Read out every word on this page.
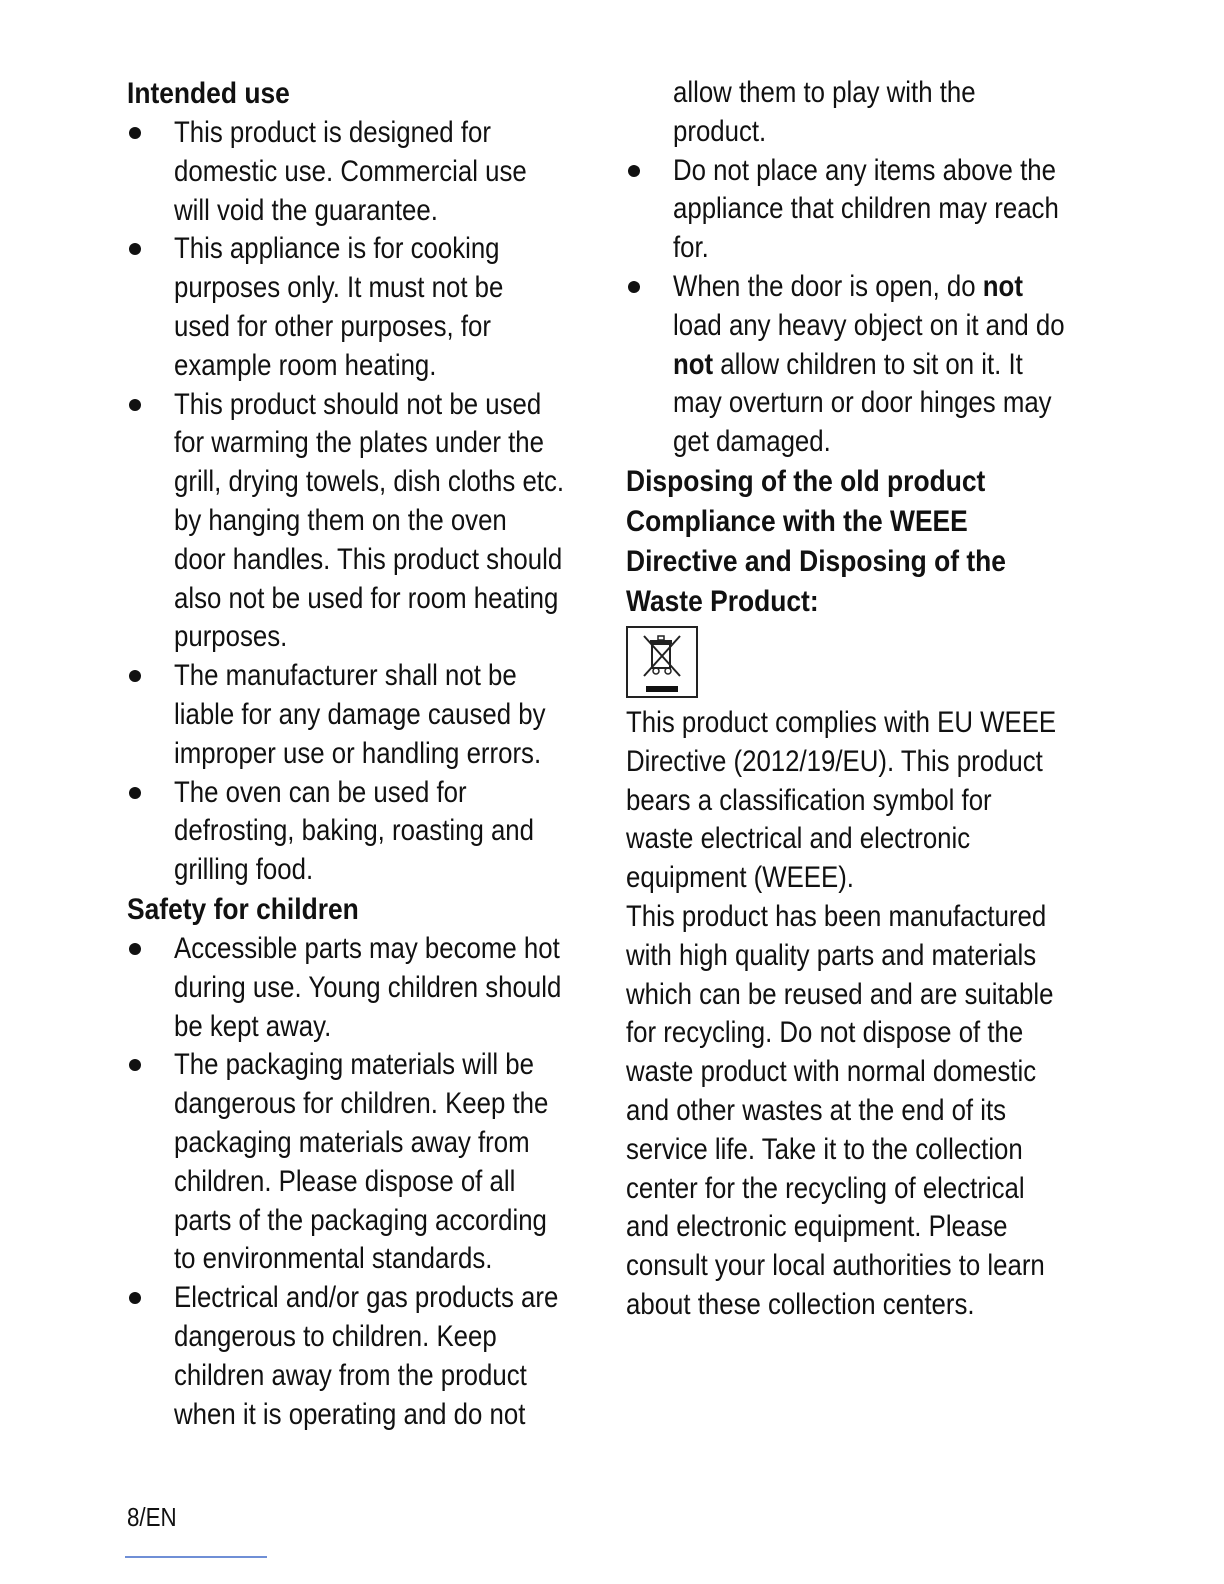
Intended use
This product is designed for
domestic use. Commercial use
will void the guarantee.
This appliance is for cooking
purposes only. It must not be
used for other purposes, for
example room heating.
This product should not be used
for warming the plates under the
grill, drying towels, dish cloths etc.
by hanging them on the oven
door handles. This product should
also not be used for room heating
purposes.
The manufacturer shall not be
liable for any damage caused by
improper use or handling errors.
The oven can be used for
defrosting, baking, roasting and
grilling food.
Safety for children
Accessible parts may become hot
during use. Young children should
be kept away.
The packaging materials will be
dangerous for children. Keep the
packaging materials away from
children. Please dispose of all
parts of the packaging according
to environmental standards.
Electrical and/or gas products are
dangerous to children. Keep
children away from the product
when it is operating and do not
allow them to play with the
product.
Do not place any items above the
appliance that children may reach
for.
When the door is open, do not
load any heavy object on it and do
not allow children to sit on it. It
may overturn or door hinges may
get damaged.
Disposing of the old product
Compliance with the WEEE
Directive and Disposing of the
Waste Product:
This product complies with EU WEEE
Directive (2012/19/EU). This product
bears a classification symbol for
waste electrical and electronic
equipment (WEEE).
This product has been manufactured
with high quality parts and materials
which can be reused and are suitable
for recycling. Do not dispose of the
waste product with normal domestic
and other wastes at the end of its
service life. Take it to the collection
center for the recycling of electrical
and electronic equipment. Please
consult your local authorities to learn
about these collection centers.
8/EN
